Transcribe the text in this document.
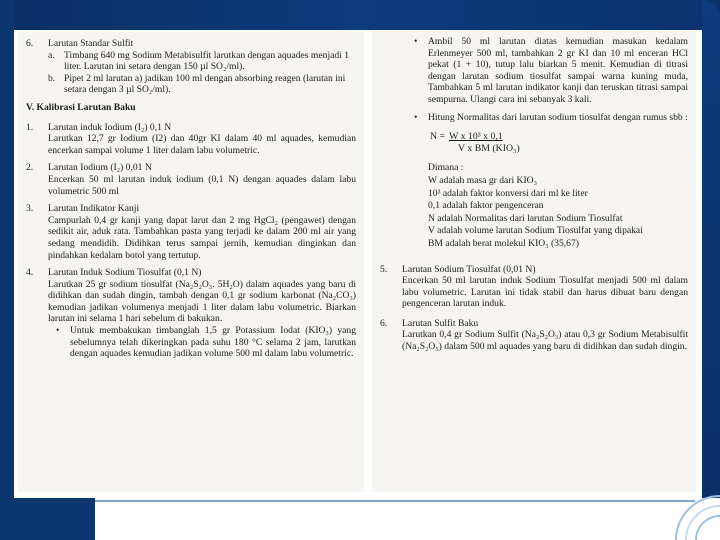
6.	Larutan Standar Sulfit
a. Timbang 640 mg Sodium Metabisulfit larutkan dengan aquades menjadi 1 liter. Larutan ini setara dengan 150 µl SO₂/ml).
b. Pipet 2 ml larutan a) jadikan 100 ml dengan absorbing reagen (larutan ini setara dengan 3 µl SO₂/ml).
V. Kalibrasi Larutan Baku
1.	Larutan induk Iodium (I₂) 0,1 N
Larutkan 12,7 gr Iodium (I2) dan 40gr KI dalam 40 ml aquades, kemudian encerkan sampai volume 1 liter dalam labu volumetric.
2.	Larutan Iodium (I₂) 0,01 N
Encerkan 50 ml larutan induk iodium (0,1 N) dengan aquades dalam labu volumetric 500 ml
3.	Larutan Indikator Kanji
Campurlah 0,4 gr kanji yang dapat larut dan 2 mg HgCl₂ (pengawet) dengan sedikit air, aduk rata. Tambahkan pasta yang terjadi ke dalam 200 ml air yang sedang mendidih. Didihkan terus sampai jernih, kemudian dinginkan dan pindahkan kedalam botol yang tertutup.
4.	Larutan Induk Sodium Tiosulfat (0,1 N)
Larutkan 25 gr sodium tiosulfat (Na₂S₂O₃. 5H₂O) dalam aquades yang baru di didihkan dan sudah dingin, tambah dengan 0,1 gr sodium karbonat (Na₂CO₃) kemudian jadikan volumenya menjadi 1 liter dalam labu volumetric. Biarkan larutan ini selama 1 hari sebelum di bakukan.
•	Untuk membakukan timbanglah 1,5 gr Potassium Iodat (KIO₃) yang sebelumnya telah dikeringkan pada suhu 180 °C selama 2 jam, larutkan dengan aquades kemudian jadikan volume 500 ml dalam labu volumetric.
•	Ambil 50 ml larutan diatas kemudian masukan kedalam Erlenmeyer 500 ml, tambahkan 2 gr KI dan 10 ml enceran HCl pekat (1 + 10), tutup lalu biarkan 5 menit. Kemudian di titrasi dengan larutan sodium tiosulfat sampai warna kuning muda, Tambahkan 5 ml larutan indikator kanji dan teruskan titrasi sampai sempurna. Ulangi cara ini sebanyak 3 kali.
•	Hitung Normalitas dari larutan sodium tiosulfat dengan rumus sbb :
N = W x 10³ x 0,1
V x BM (KIO₃)
Dimana :
W adalah masa gr dari KIO₃
10³ adalah faktor konversi dari ml ke liter
0,1 adalah faktor pengenceran
N adalah Normalitas dari larutan Sodium Tiosulfat
V adalah volume larutan Sodium Tiosulfat yang dipakai
BM adalah berat molekul KIO₃ (35,67)
5.	Larutan Sodium Tiosulfat (0,01 N)
Encerkan 50 ml larutan induk Sodium Tiosulfat menjadi 500 ml dalam labu volumetric. Larutan ini tidak stabil dan harus dibuat baru dengan pengenceran larutan induk.
6.	Larutan Sulfit Baku
Larutkan 0,4 gr Sodium Sulfit (Na₂S₂O₃) atau 0,3 gr Sodium Metabisulfit (Na₂S₂O₅) dalam 500 ml aquades yang baru di didihkan dan sudah dingin.
